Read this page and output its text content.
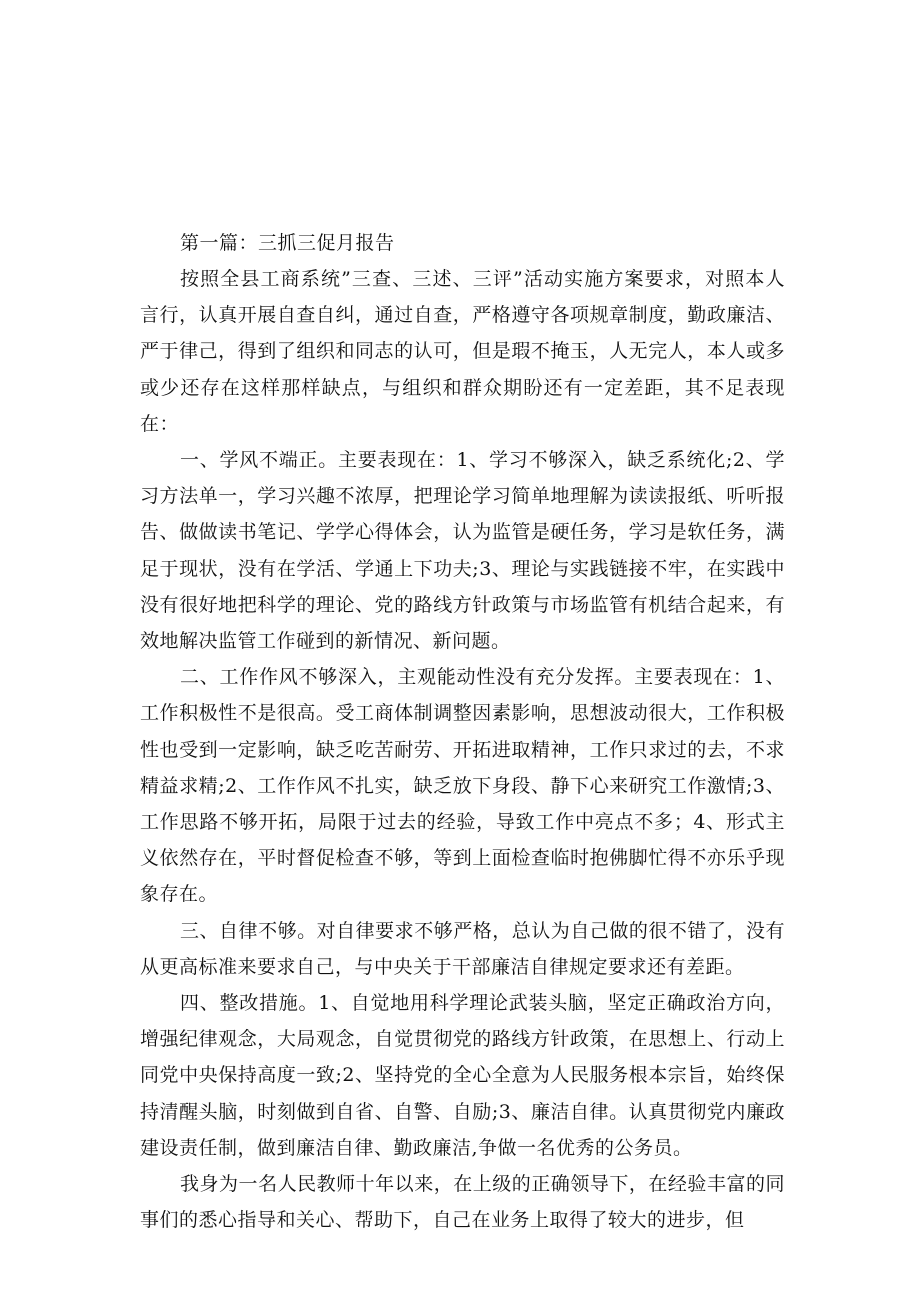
第一篇：三抓三促月报告

按照全县工商系统”三查、三述、三评”活动实施方案要求，对照本人言行，认真开展自查自纠，通过自查，严格遵守各项规章制度，勤政廉洁、严于律己，得到了组织和同志的认可，但是瑕不掩玉，人无完人，本人或多或少还存在这样那样缺点，与组织和群众期盼还有一定差距，其不足表现在：

一、学风不端正。主要表现在：1、学习不够深入，缺乏系统化;2、学习方法单一，学习兴趣不浓厚，把理论学习简单地理解为读读报纸、听听报告、做做读书笔记、学学心得体会，认为监管是硬任务，学习是软任务，满足于现状，没有在学活、学通上下功夫;3、理论与实践链接不牢，在实践中没有很好地把科学的理论、党的路线方针政策与市场监管有机结合起来，有效地解决监管工作碰到的新情况、新问题。

二、工作作风不够深入，主观能动性没有充分发挥。主要表现在：1、工作积极性不是很高。受工商体制调整因素影响，思想波动很大，工作积极性也受到一定影响，缺乏吃苦耐劳、开拓进取精神，工作只求过的去，不求精益求精;2、工作作风不扎实，缺乏放下身段、静下心来研究工作激情;3、工作思路不够开拓，局限于过去的经验，导致工作中亮点不多；4、形式主义依然存在，平时督促检查不够，等到上面检查临时抱佛脚忙得不亦乐乎现象存在。

三、自律不够。对自律要求不够严格，总认为自己做的很不错了，没有从更高标准来要求自己，与中央关于干部廉洁自律规定要求还有差距。

四、整改措施。1、自觉地用科学理论武装头脑，坚定正确政治方向，增强纪律观念，大局观念，自觉贯彻党的路线方针政策，在思想上、行动上同党中央保持高度一致;2、坚持党的全心全意为人民服务根本宗旨，始终保持清醒头脑，时刻做到自省、自警、自励;3、廉洁自律。认真贯彻党内廉政建设责任制，做到廉洁自律、勤政廉洁,争做一名优秀的公务员。

我身为一名人民教师十年以来，在上级的正确领导下，在经验丰富的同事们的悉心指导和关心、帮助下，自己在业务上取得了较大的进步，但
